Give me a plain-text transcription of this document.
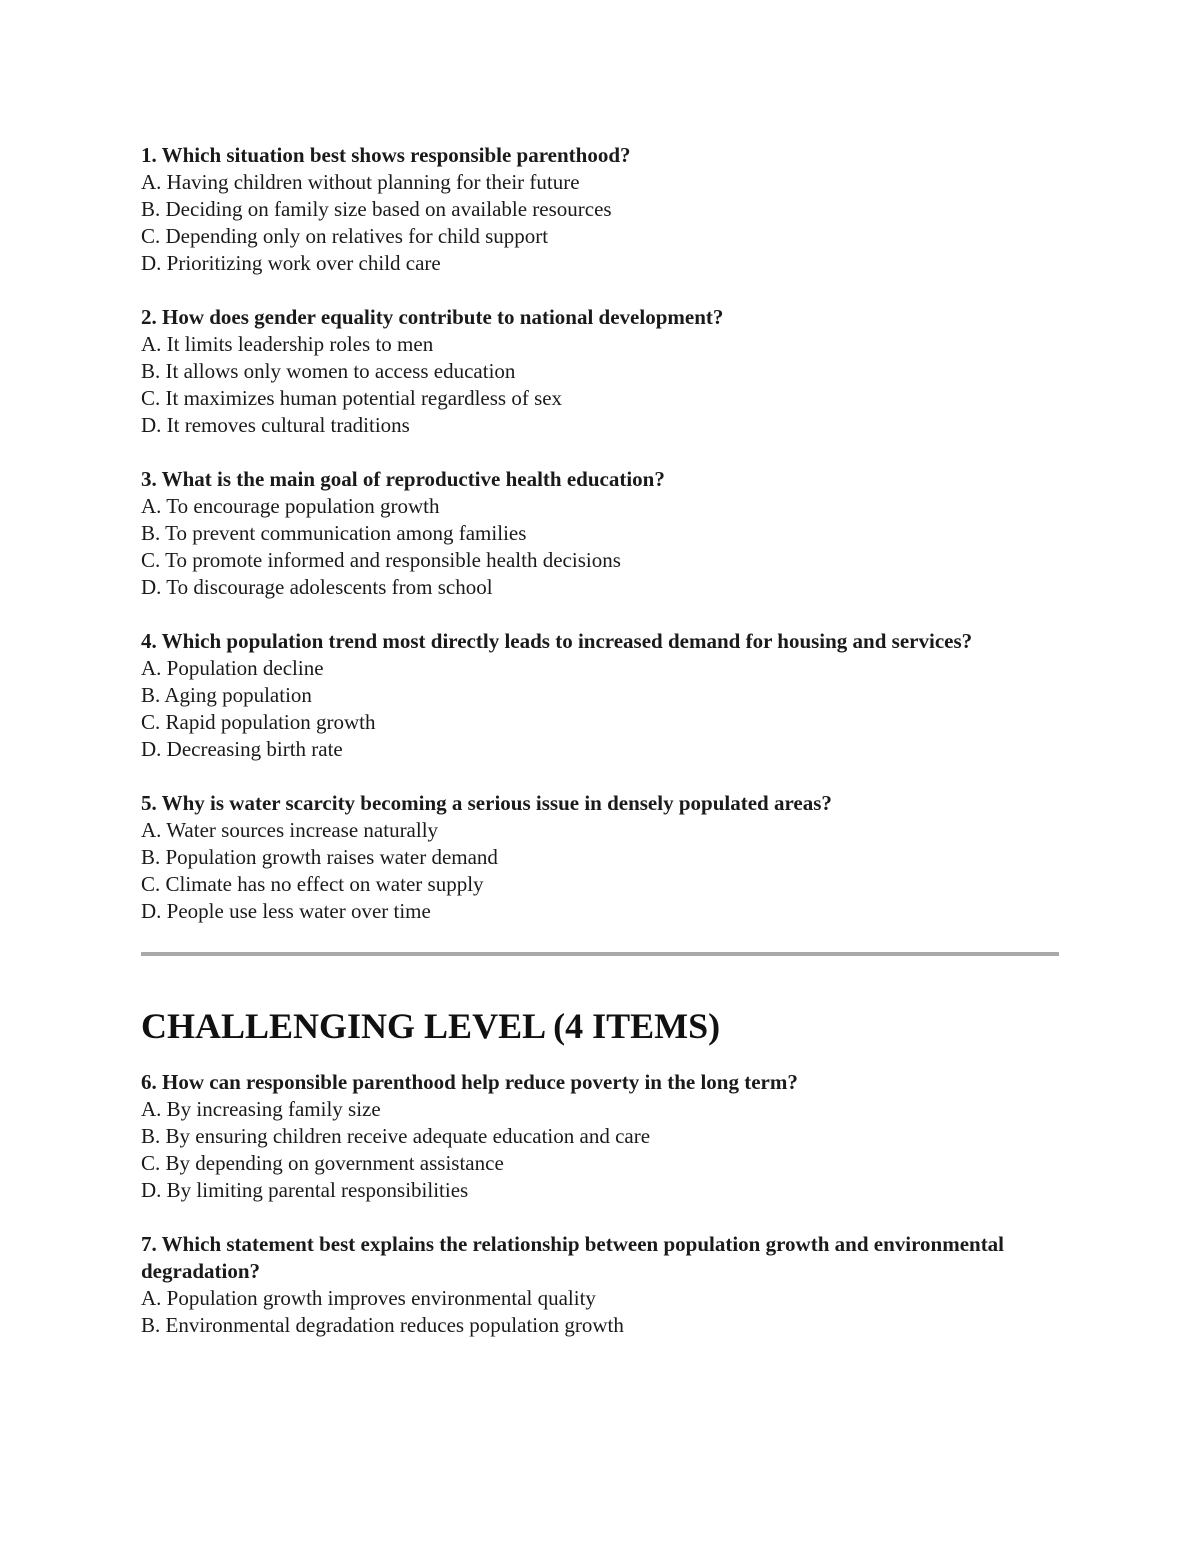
1. Which situation best shows responsible parenthood?

A. Having children without planning for their future

B. Deciding on family size based on available resources

C. Depending only on relatives for child support

D. Prioritizing work over child care

2. How does gender equality contribute to national development?

A. It limits leadership roles to men

B. It allows only women to access education

C. It maximizes human potential regardless of sex

D. It removes cultural traditions

3. What is the main goal of reproductive health education?

A. To encourage population growth

B. To prevent communication among families

C. To promote informed and responsible health decisions

D. To discourage adolescents from school

4. Which population trend most directly leads to increased demand for housing and services?

A. Population decline

B. Aging population

C. Rapid population growth

D. Decreasing birth rate

5. Why is water scarcity becoming a serious issue in densely populated areas?

A. Water sources increase naturally

B. Population growth raises water demand

C. Climate has no effect on water supply

D. People use less water over time

CHALLENGING LEVEL (4 ITEMS)

6. How can responsible parenthood help reduce poverty in the long term?

A. By increasing family size

B. By ensuring children receive adequate education and care

C. By depending on government assistance

D. By limiting parental responsibilities

7. Which statement best explains the relationship between population growth and environmental degradation?

A. Population growth improves environmental quality

B. Environmental degradation reduces population growth
